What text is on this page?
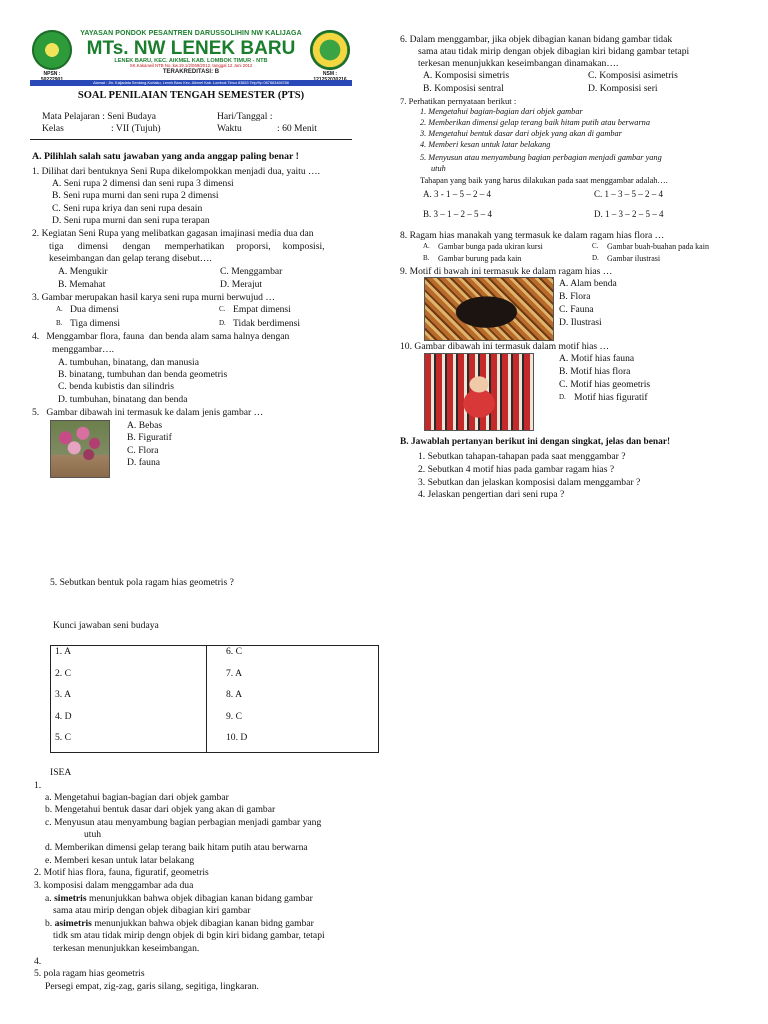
NPSN :
YAYASAN PONDOK PESANTREN DARUSSOLIHIN NW KALIJAGA
MTs. NW LENEK BARU
LENEK BARU, KEC. AIKMEL KAB. LOMBOK TIMUR - NTB
SK.Kakanwil NTB No.:kw.19.1/2/069/2012, tanggal 12 Juni 2012
TERAKREDITASI: B	NSM :
Alamat : Jln. Kaljadata Serdang-Kortaku, Lenek Baru Kec. Aikmel Kab. Lombok Timur 83653 Telp/Hp 087863466788
SOAL PENILAIAN TENGAH SEMESTER (PTS)
Mata Pelajaran : Seni Budaya	Hari/Tanggal :
Kelas	: VII (Tujuh)	Waktu	: 60 Menit
A. Pilihlah salah satu jawaban yang anda anggap paling benar !
1. Dilihat dari bentuknya Seni Rupa dikelompokkan menjadi dua, yaitu ….
A. Seni rupa 2 dimensi dan seni rupa 3 dimensi
B. Seni rupa murni dan seni rupa 2 dimensi
C. Seni rupa kriya dan seni rupa desain
D. Seni rupa murni dan seni rupa terapan
2. Kegiatan Seni Rupa yang melibatkan gagasan imajinasi media dua dan
tiga      dimensi      dengan      memperhatikan     proporsi,     komposisi,
keseimbangan dan gelap terang disebut….
A. Mengukir	C. Menggambar
B. Memahat	D. Merajut
3. Gambar merupakan hasil karya seni rupa murni berwujud …
A. Dua dimensi	C. Empat dimensi
B. Tiga dimensi	D. Tidak berdimensi
4.   Menggambar flora, fauna  dan benda alam sama halnya dengan
menggambar….
A. tumbuhan, binatang, dan manusia
B. binatang, tumbuhan dan benda geometris
C. benda kubistis dan silindris
D. tumbuhan, binatang dan benda
5.   Gambar dibawah ini termasuk ke dalam jenis gambar …
A. Bebas
B. Figuratif
C. Flora
D. fauna
5. Sebutkan bentuk pola ragam hias geometris ?
Kunci jawaban seni budaya
1. A
2. C
3. A
4. D
5. C
6. C
7. A
8. A
9. C
10. D
ISEA
1.
a. Mengetahui bagian-bagian dari objek gambar
b. Mengetahui bentuk dasar dari objek yang akan di gambar
c. Menyusun atau menyambung bagian perbagian menjadi gambar yang
utuh
d. Memberikan dimensi gelap terang baik hitam putih atau berwarna
e. Memberi kesan untuk latar belakang
2. Motif hias flora, fauna, figuratif, geometris
3. komposisi dalam menggambar ada dua
a. simetris menunjukkan bahwa objek dibagian kanan bidang gambar
sama atau mirip dengan objek dibagian kiri gambar
b. asimetris menunjukkan bahwa objek dibagian kanan bidng gambar
tidk sm atau tidak mirip dengn objek di bgin kiri bidang gambar, tetapi
terkesan menunjukkan keseimbangan.
4.
5. pola ragam hias geometris
Persegi empat, zig-zag, garis silang, segitiga, lingkaran.
6. Dalam menggambar, jika objek dibagian kanan bidang gambar tidak
sama atau tidak mirip dengan objek dibagian kiri bidang gambar tetapi
terkesan menunjukkan keseimbangan dinamakan….
A. Komposisi simetris	C. Komposisi asimetris
B. Komposisi sentral	D. Komposisi seri
7. Perhatikan pernyataan berikut :
1. Mengetahui bagian-bagian dari objek gambar
2. Memberikan dimensi gelap terang baik hitam putih atau berwarna
3. Mengetahui bentuk dasar dari objek yang akan di gambar
4. Memberi kesan untuk latar belakang
5. Menyusun atau menyambung bagian perbagian menjadi gambar yang
utuh
Tahapan yang baik yang harus dilakukan pada saat menggambar adalah….
A. 3 - 1 – 5 – 2 – 4	C. 1 – 3 – 5 – 2 – 4
B. 3 – 1 – 2 – 5 – 4	D. 1 – 3 – 2 – 5 – 4
8. Ragam hias manakah yang termasuk ke dalam ragam hias flora …
A. Gambar bunga pada ukiran kursi	C. Gambar buah-buahan pada kain
B. Gambar burung pada kain	D. Gambar ilustrasi
9. Motif di bawah ini termasuk ke dalam ragam hias …
A. Alam benda
B. Flora
C. Fauna
D. Ilustrasi
10. Gambar dibawah ini termasuk dalam motif hias …
A. Motif hias fauna
B. Motif hias flora
C. Motif hias geometris
D. Motif hias figuratif
B. Jawablah pertanyan berikut ini dengan singkat, jelas dan benar!
1. Sebutkan tahapan-tahapan pada saat menggambar ?
2. Sebutkan 4 motif hias pada gambar ragam hias ?
3. Sebutkan dan jelaskan komposisi dalam menggambar ?
4. Jelaskan pengertian dari seni rupa ?
